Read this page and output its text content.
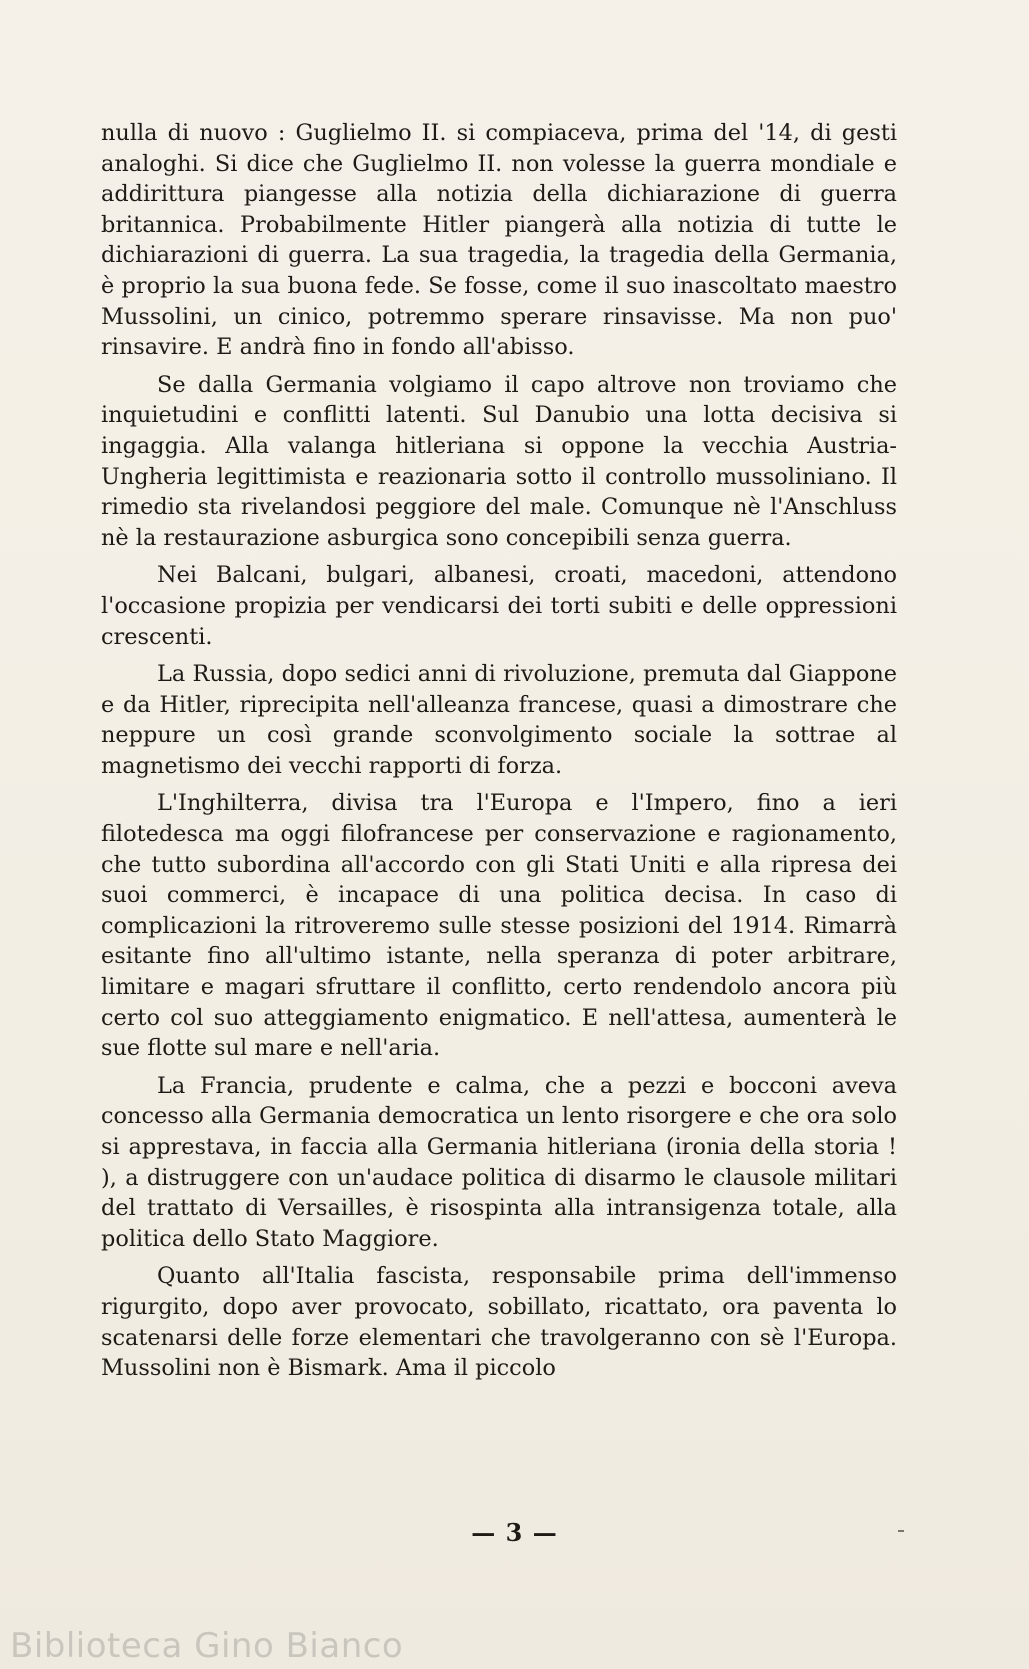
nulla di nuovo : Guglielmo II. si compiaceva, prima del '14, di gesti analoghi. Si dice che Guglielmo II. non volesse la guerra mondiale e addirittura piangesse alla notizia della dichiarazione di guerra britannica. Probabilmente Hitler piangerà alla notizia di tutte le dichiarazioni di guerra. La sua tragedia, la tragedia della Germania, è proprio la sua buona fede. Se fosse, come il suo inascoltato maestro Mussolini, un cinico, potremmo sperare rinsavisse. Ma non puo' rinsavire. E andrà fino in fondo all'abisso.

Se dalla Germania volgiamo il capo altrove non troviamo che inquietudini e conflitti latenti. Sul Danubio una lotta decisiva si ingaggia. Alla valanga hitleriana si oppone la vecchia Austria-Ungheria legittimista e reazionaria sotto il controllo mussoliniano. Il rimedio sta rivelandosi peggiore del male. Comunque nè l'Anschluss nè la restaurazione asburgica sono concepibili senza guerra.

Nei Balcani, bulgari, albanesi, croati, macedoni, attendono l'occasione propizia per vendicarsi dei torti subiti e delle oppressioni crescenti.

La Russia, dopo sedici anni di rivoluzione, premuta dal Giappone e da Hitler, riprecipita nell'alleanza francese, quasi a dimostrare che neppure un così grande sconvolgimento sociale la sottrae al magnetismo dei vecchi rapporti di forza.

L'Inghilterra, divisa tra l'Europa e l'Impero, fino a ieri filotedesca ma oggi filofrancese per conservazione e ragionamento, che tutto subordina all'accordo con gli Stati Uniti e alla ripresa dei suoi commerci, è incapace di una politica decisa. In caso di complicazioni la ritroveremo sulle stesse posizioni del 1914. Rimarrà esitante fino all'ultimo istante, nella speranza di poter arbitrare, limitare e magari sfruttare il conflitto, certo rendendolo ancora più certo col suo atteggiamento enigmatico. E nell'attesa, aumenterà le sue flotte sul mare e nell'aria.

La Francia, prudente e calma, che a pezzi e bocconi aveva concesso alla Germania democratica un lento risorgere e che ora solo si apprestava, in faccia alla Germania hitleriana (ironia della storia ! ), a distruggere con un'audace politica di disarmo le clausole militari del trattato di Versailles, è risospinta alla intransigenza totale, alla politica dello Stato Maggiore.

Quanto all'Italia fascista, responsabile prima dell'immenso rigurgito, dopo aver provocato, sobillato, ricattato, ora paventa lo scatenarsi delle forze elementari che travolgeranno con sè l'Europa. Mussolini non è Bismark. Ama il piccolo

— 3 —
Biblioteca Gino Bianco
